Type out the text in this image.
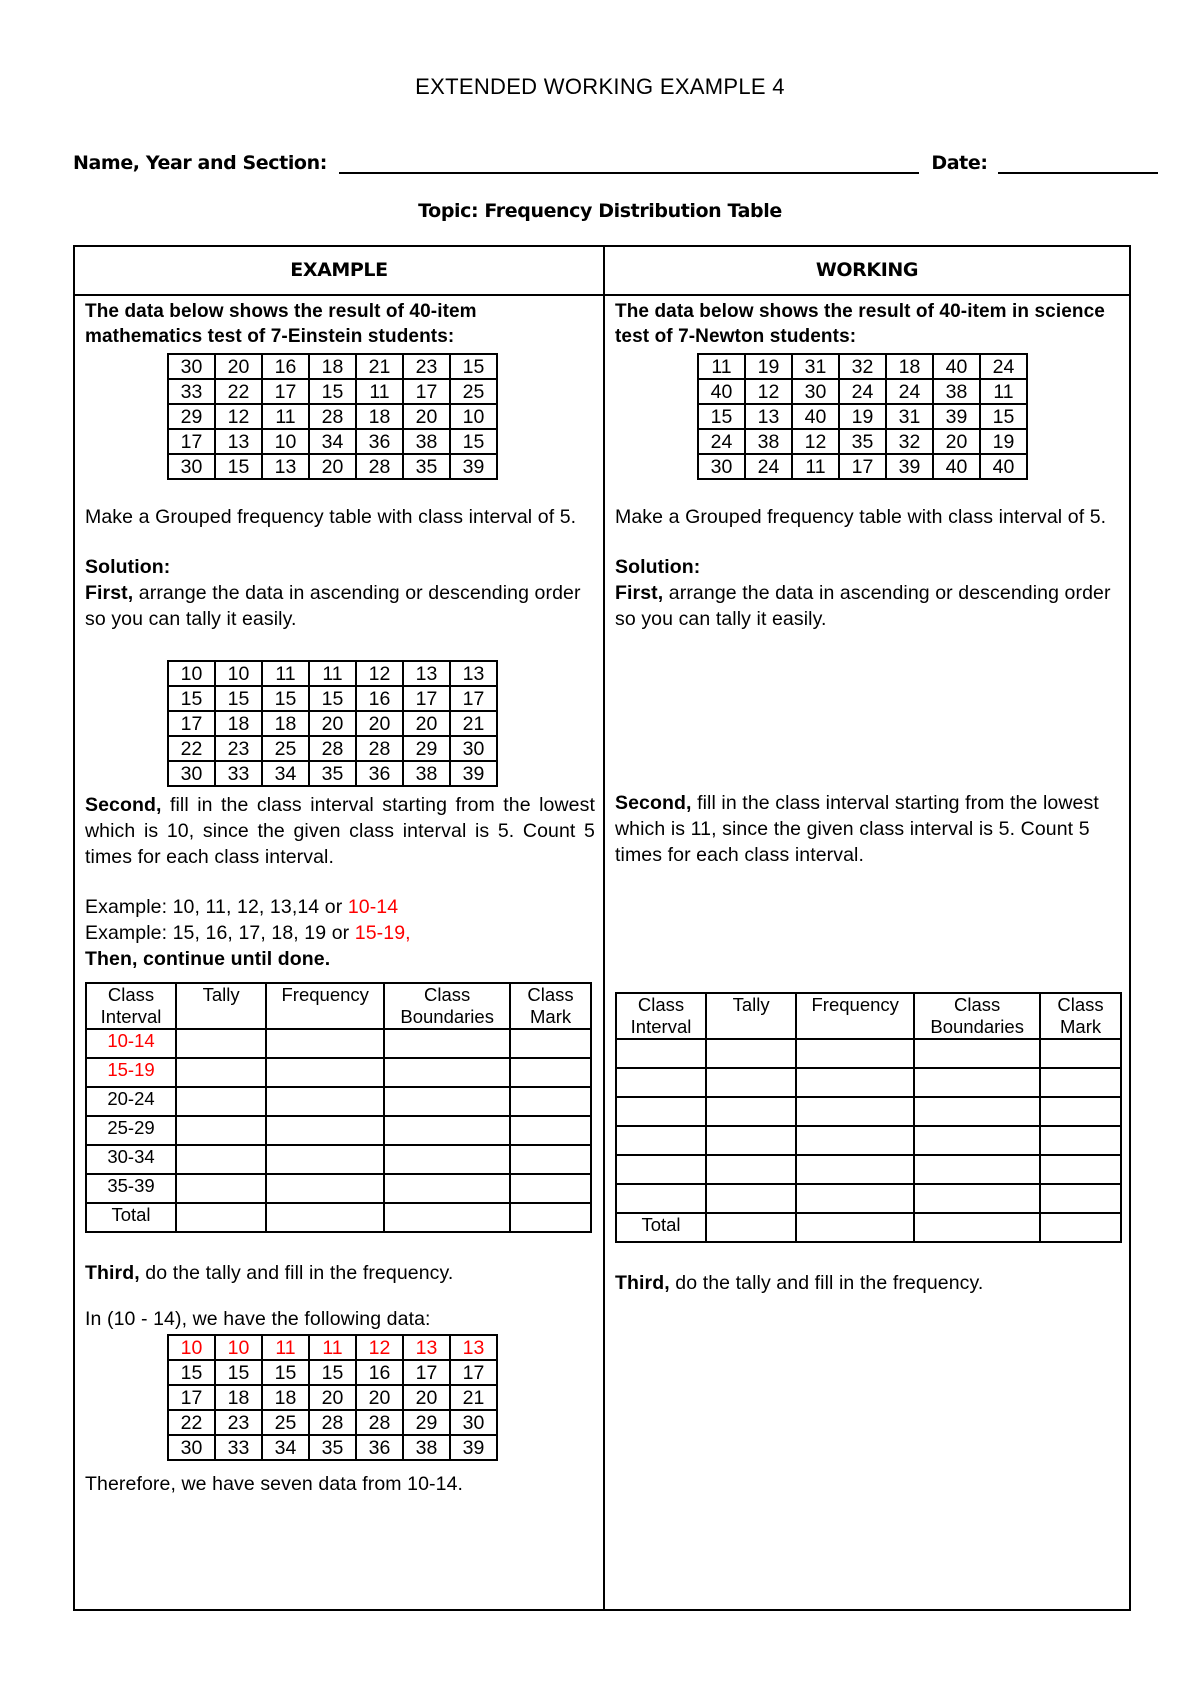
EXTENDED WORKING EXAMPLE 4
Name, Year and Section:	Date:
Topic: Frequency Distribution Table
EXAMPLE	WORKING

The data below shows the result of 40-item mathematics test of 7-Einstein students:

30	20	16	18	21	23	15
33	22	17	15	11	17	25
29	12	11	28	18	20	10
17	13	10	34	36	38	15
30	15	13	20	28	35	39

Make a Grouped frequency table with class interval of 5.

Solution:

First, arrange the data in ascending or descending order so you can tally it easily.

10	10	11	11	12	13	13
15	15	15	15	16	17	17
17	18	18	20	20	20	21
22	23	25	28	28	29	30
30	33	34	35	36	38	39

Second, fill in the class interval starting from the lowest which is 10, since the given class interval is 5. Count 5 times for each class interval.

Example: 10, 11, 12, 13,14 or 10-14

Example: 15, 16, 17, 18, 19 or 15-19,

Then, continue until done.

Class Interval	Tally	Frequency	Class Boundaries	Class Mark
10-14				
15-19				
20-24				
25-29				
30-34				
35-39				
Total				

Third, do the tally and fill in the frequency.

In (10 - 14), we have the following data:

10	10	11	11	12	13	13
15	15	15	15	16	17	17
17	18	18	20	20	20	21
22	23	25	28	28	29	30
30	33	34	35	36	38	39

Therefore, we have seven data from 10-14.

The data below shows the result of 40-item in science test of 7-Newton students:

11	19	31	32	18	40	24
40	12	30	24	24	38	11
15	13	40	19	31	39	15
24	38	12	35	32	20	19
30	24	11	17	39	40	40

Make a Grouped frequency table with class interval of 5.

Solution:

First, arrange the data in ascending or descending order so you can tally it easily.

Second, fill in the class interval starting from the lowest which is 11, since the given class interval is 5. Count 5 times for each class interval.

Class Interval	Tally	Frequency	Class Boundaries	Class Mark

Total				

Third, do the tally and fill in the frequency.
